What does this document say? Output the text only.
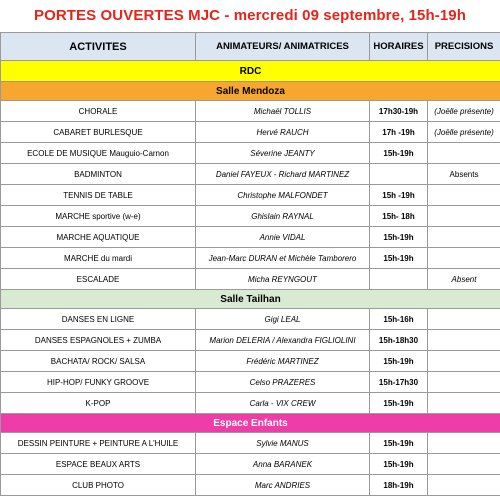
PORTES OUVERTES MJC - mercredi 09 septembre, 15h-19h
ACTIVITES	ANIMATEURS/ ANIMATRICES	HORAIRES	PRECISIONS
RDC			
Salle Mendoza			
CHORALE	Michaël TOLLIS	17h30-19h	(Joëlle présente)
CABARET BURLESQUE	Hervé RAUCH	17h -19h	(Joëlle présente)
ECOLE DE MUSIQUE Mauguio-Carnon	Séverine JEANTY	15h-19h	
BADMINTON	Daniel FAYEUX - Richard MARTINEZ		Absents
TENNIS DE TABLE	Christophe MALFONDET	15h -19h	
MARCHE sportive (w-e)	Ghislain RAYNAL	15h- 18h	
MARCHE AQUATIQUE	Annie VIDAL	15h-19h	
MARCHE du mardi	Jean-Marc DURAN et Michèle Tamborero	15h-19h	
ESCALADE	Micha REYNGOUT		Absent
Salle Tailhan			
DANSES EN LIGNE	Gigi LEAL	15h-16h	
DANSES ESPAGNOLES + ZUMBA	Marion DELERIA / Alexandra FIGLIOLINI	15h-18h30	
BACHATA/ ROCK/ SALSA	Frédéric MARTINEZ	15h-19h	
HIP-HOP/ FUNKY GROOVE	Celso PRAZERES	15h-17h30	
K-POP	Carla - VIX CREW	15h-19h	
Espace Enfants			
DESSIN PEINTURE + PEINTURE A L'HUILE	Sylvie MANUS	15h-19h	
ESPACE BEAUX ARTS	Anna BARANEK	15h-19h	
CLUB PHOTO	Marc ANDRIES	18h-19h	
